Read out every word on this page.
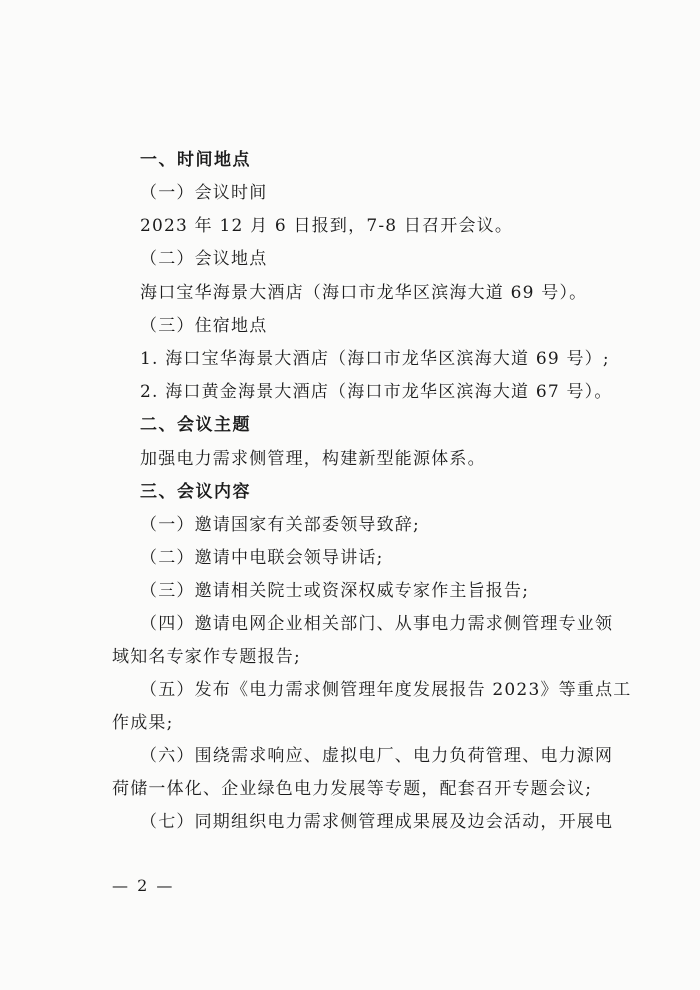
一、时间地点
（一）会议时间
2023 年 12 月 6 日报到，7-8 日召开会议。
（二）会议地点
海口宝华海景大酒店（海口市龙华区滨海大道 69 号）。
（三）住宿地点
1. 海口宝华海景大酒店（海口市龙华区滨海大道 69 号）;
2. 海口黄金海景大酒店（海口市龙华区滨海大道 67 号）。
二、会议主题
加强电力需求侧管理，构建新型能源体系。
三、会议内容
（一）邀请国家有关部委领导致辞;
（二）邀请中电联会领导讲话;
（三）邀请相关院士或资深权威专家作主旨报告;
（四）邀请电网企业相关部门、从事电力需求侧管理专业领
域知名专家作专题报告;
（五）发布《电力需求侧管理年度发展报告 2023》等重点工
作成果;
（六）围绕需求响应、虚拟电厂、电力负荷管理、电力源网
荷储一体化、企业绿色电力发展等专题，配套召开专题会议;
（七）同期组织电力需求侧管理成果展及边会活动，开展电
— 2 —
